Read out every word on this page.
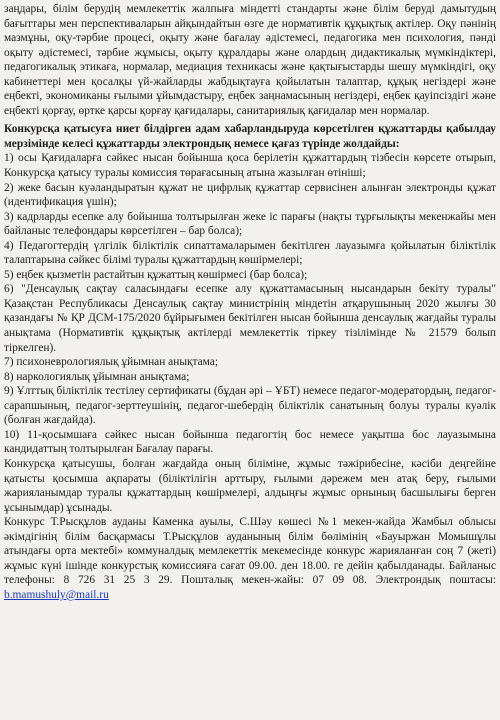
заңдары, білім берудің мемлекеттік жалпыға міндетті стандарты және білім беруді дамытудың бағыттары мен перспективаларын айқындайтын өзге де нормативтік құқықтық актілер. Оқу пәнінің мазмұны, оқу-тәрбие процесі, оқыту және бағалау әдістемесі, педагогика мен психология, пәнді оқыту әдістемесі, тәрбие жұмысы, оқыту құралдары және олардың дидактикалық мүмкіндіктері, педагогикалық этикаға, нормалар, медиация техникасы және қақтығыстарды шешу мүмкіндігі, оқу кабинеттері мен қосалқы үй-жайларды жабдықтауға қойылатын талаптар, құқық негіздері және еңбекті, экономиканы ғылыми ұйымдастыру, еңбек заңнамасының негіздері, еңбек қауіпсіздігі және еңбекті қорғау, өртке қарсы қорғау қағидалары, санитариялық қағидалар мен нормалар.

Конкурсқа қатысуға ниет білдірген адам хабарландыруда көрсетілген құжаттарды қабылдау мерзімінде келесі құжаттарды электрондық немесе қағаз түрінде жолдайды:

1) осы Қағидаларға сәйкес нысан бойынша қоса берілетін құжаттардың тізбесін көрсете отырып, Конкурсқа қатысу туралы комиссия төрағасының атына жазылған өтініші;

2) жеке басын куәландыратын құжат не цифрлық құжаттар сервисінен алынған электронды құжат (идентификация үшін);

3) кадрларды есепке алу бойынша толтырылған жеке іс парағы (нақты тұрғылықты мекенжайы мен байланыс телефондары көрсетілген – бар болса);

4) Педагогтердің үлгілік біліктілік сипаттамаларымен бекітілген лауазымға қойылатын біліктілік талаптарына сәйкес білімі туралы құжаттардың көшірмелері;

5) еңбек қызметін растайтын құжаттың көшірмесі (бар болса);

6) "Денсаулық сақтау саласындағы есепке алу құжаттамасының нысандарын бекіту туралы" Қазақстан Республикасы Денсаулық сақтау министрінің міндетін атқарушының 2020 жылғы 30 қазандағы № ҚР ДСМ-175/2020 бұйрығымен бекітілген нысан бойынша денсаулық жағдайы туралы анықтама (Нормативтік құқықтық актілерді мемлекеттік тіркеу тізілімінде № 21579 болып тіркелген).

7) психоневрологиялық ұйымнан анықтама;

8) наркологиялық ұйымнан анықтама;

9) Ұлттық біліктілік тестілеу сертификаты (бұдан әрі – ҰБТ) немесе педагог-модератордың, педагог-сарапшының, педагог-зерттеушінің, педагог-шебердің біліктілік санатының болуы туралы куәлік (болған жағдайда).

10) 11-қосымшаға сәйкес нысан бойынша педагогтің бос немесе уақытша бос лауазымына кандидаттың толтырылған Бағалау парағы.

Конкурсқа қатысушы, болған жағдайда оның біліміне, жұмыс тәжірибесіне, кәсіби деңгейіне қатысты қосымша ақпараты (біліктілігін арттыру, ғылыми дәрежем мен атақ беру, ғылыми жарияланымдар туралы құжаттардың көшірмелері, алдыңғы жұмыс орнының басшылығы берген ұсынымдар) ұсынады.

Конкурс Т.Рысқұлов ауданы Каменка ауылы, С.Шәу көшесі №1 мекен-жайда Жамбыл облысы әкімдігінің білім басқармасы Т.Рысқұлов ауданының білім бөлімінің «Бауыржан Момышұлы атындағы орта мектебі» коммуналдық мемлекеттік мекемесінде конкурс жарияланған соң 7 (жеті) жұмыс күні ішінде конкурстық комиссияға сағат 09.00. ден 18.00. ге дейін қабылданады. Байланыс телефоны: 8 726 31 25 3 29. Пошталық мекен-жайы: 07 09 08. Электрондық поштасы: b.mamushuly@mail.ru
